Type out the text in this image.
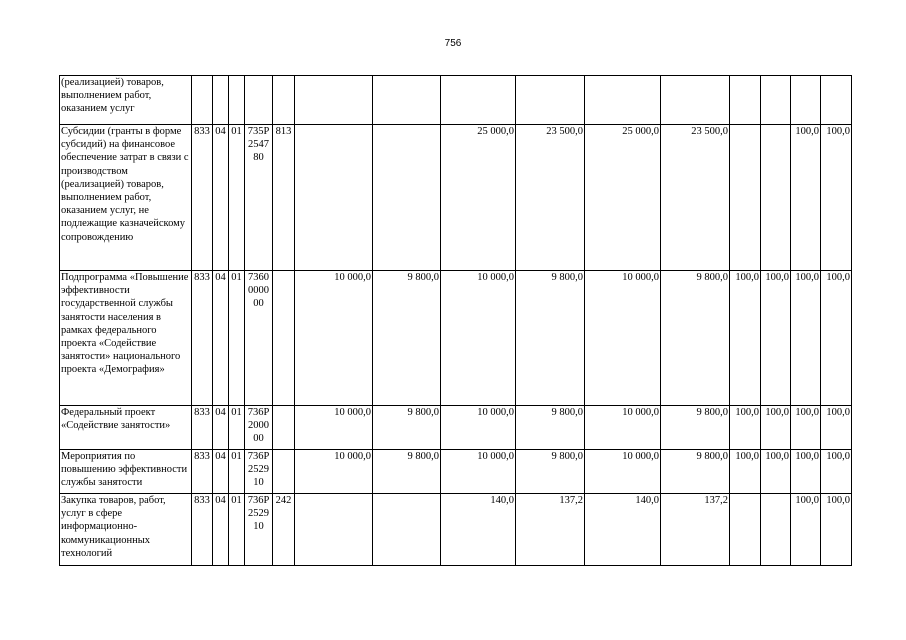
756
(реализацией) товаров, выполнением работ, оказанием услуг															
Субсидии (гранты в форме субсидий) на финансовое обеспечение затрат в связи с производством (реализацией) товаров, выполнением работ, оказанием услуг, не подлежащие казначейскому сопровождению	833	04	01	735P254780	813			25 000,0	23 500,0	25 000,0	23 500,0			100,0	100,0
Подпрограмма «Повышение эффективности государственной службы занятости населения в рамках федерального проекта «Содействие занятости» национального проекта «Демография»	833	04	01	7360000000		10 000,0	9 800,0	10 000,0	9 800,0	10 000,0	9 800,0	100,0	100,0	100,0	100,0
Федеральный проект «Содействие занятости»	833	04	01	736P200000		10 000,0	9 800,0	10 000,0	9 800,0	10 000,0	9 800,0	100,0	100,0	100,0	100,0
Мероприятия по повышению эффективности службы занятости	833	04	01	736P252910		10 000,0	9 800,0	10 000,0	9 800,0	10 000,0	9 800,0	100,0	100,0	100,0	100,0
Закупка товаров, работ, услуг в сфере информационно-коммуникационных технологий	833	04	01	736P252910	242			140,0	137,2	140,0	137,2			100,0	100,0
